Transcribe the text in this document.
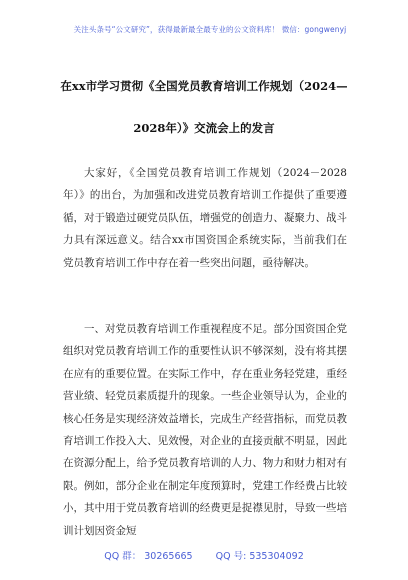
关注头条号“公文研究”，获得最新最全最专业的公文资料库！ 微信：gongwenyj
在xx市学习贯彻《全国党员教育培训工作规划（2024—
2028年）》交流会上的发言

大家好，《全国党员教育培训工作规划（2024－2028年）》的出台，为加强和改进党员教育培训工作提供了重要遵循，对于锻造过硬党员队伍，增强党的创造力、凝聚力、战斗力具有深远意义。结合xx市国资国企系统实际，当前我们在党员教育培训工作中存在着一些突出问题，亟待解决。

一、对党员教育培训工作重视程度不足。部分国资国企党组织对党员教育培训工作的重要性认识不够深刻，没有将其摆在应有的重要位置。在实际工作中，存在重业务轻党建，重经营业绩、轻党员素质提升的现象。一些企业领导认为，企业的核心任务是实现经济效益增长，完成生产经营指标，而党员教育培训工作投入大、见效慢，对企业的直接贡献不明显，因此在资源分配上，给予党员教育培训的人力、物力和财力相对有限。例如，部分企业在制定年度预算时，党建工作经费占比较小，其中用于党员教育培训的经费更是捉襟见肘，导致一些培训计划因资金短

QQ 群： 30265665 QQ 号: 535304092
